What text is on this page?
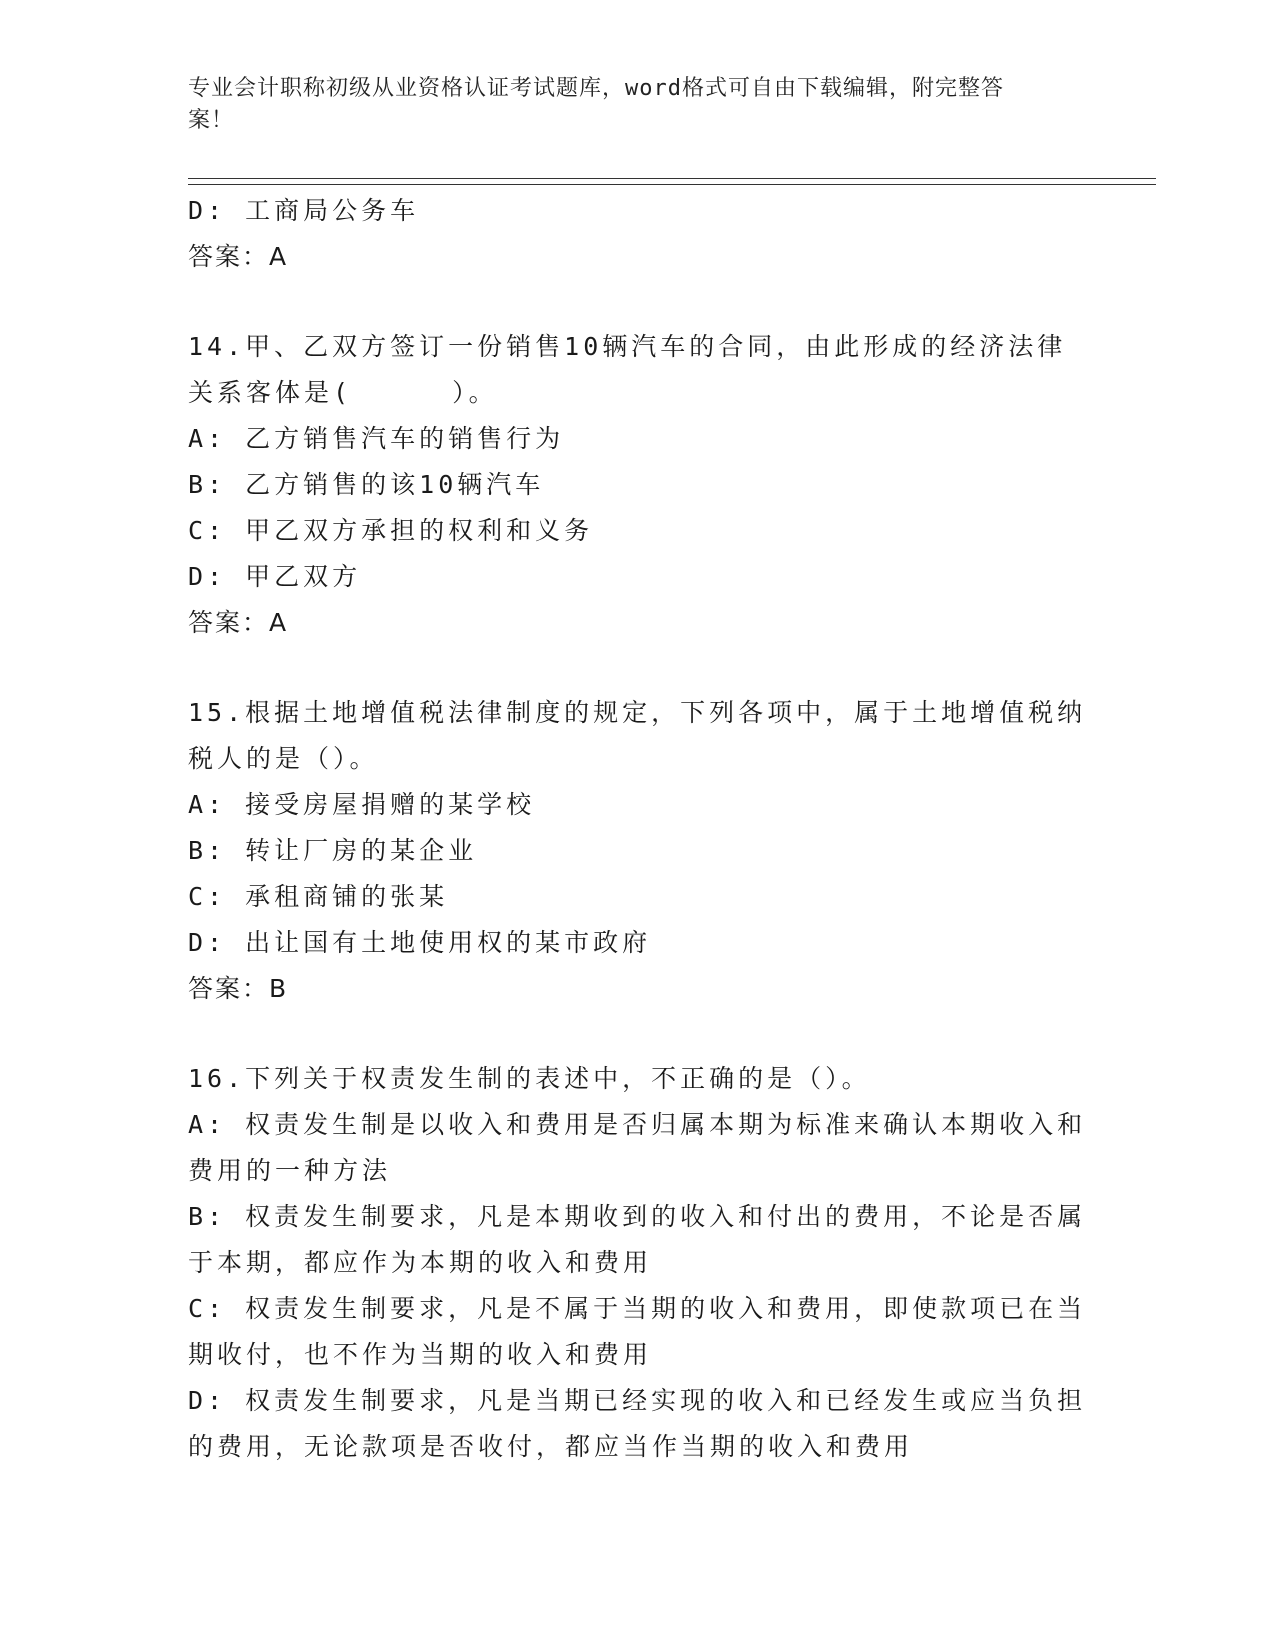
专业会计职称初级从业资格认证考试题库，word格式可自由下载编辑，附完整答
案！
D: 工商局公务车
答案：A
14.甲、乙双方签订一份销售10辆汽车的合同，由此形成的经济法律
关系客体是(	）。
A: 乙方销售汽车的销售行为
B: 乙方销售的该10辆汽车
C: 甲乙双方承担的权利和义务
D: 甲乙双方
答案：A
15.根据土地增值税法律制度的规定，下列各项中，属于土地增值税纳
税人的是（）。
A: 接受房屋捐赠的某学校
B: 转让厂房的某企业
C: 承租商铺的张某
D: 出让国有土地使用权的某市政府
答案：B
16.下列关于权责发生制的表述中，不正确的是（）。
A: 权责发生制是以收入和费用是否归属本期为标准来确认本期收入和
费用的一种方法
B: 权责发生制要求，凡是本期收到的收入和付出的费用，不论是否属
于本期，都应作为本期的收入和费用
C: 权责发生制要求，凡是不属于当期的收入和费用，即使款项已在当
期收付，也不作为当期的收入和费用
D: 权责发生制要求，凡是当期已经实现的收入和已经发生或应当负担
的费用，无论款项是否收付，都应当作当期的收入和费用
